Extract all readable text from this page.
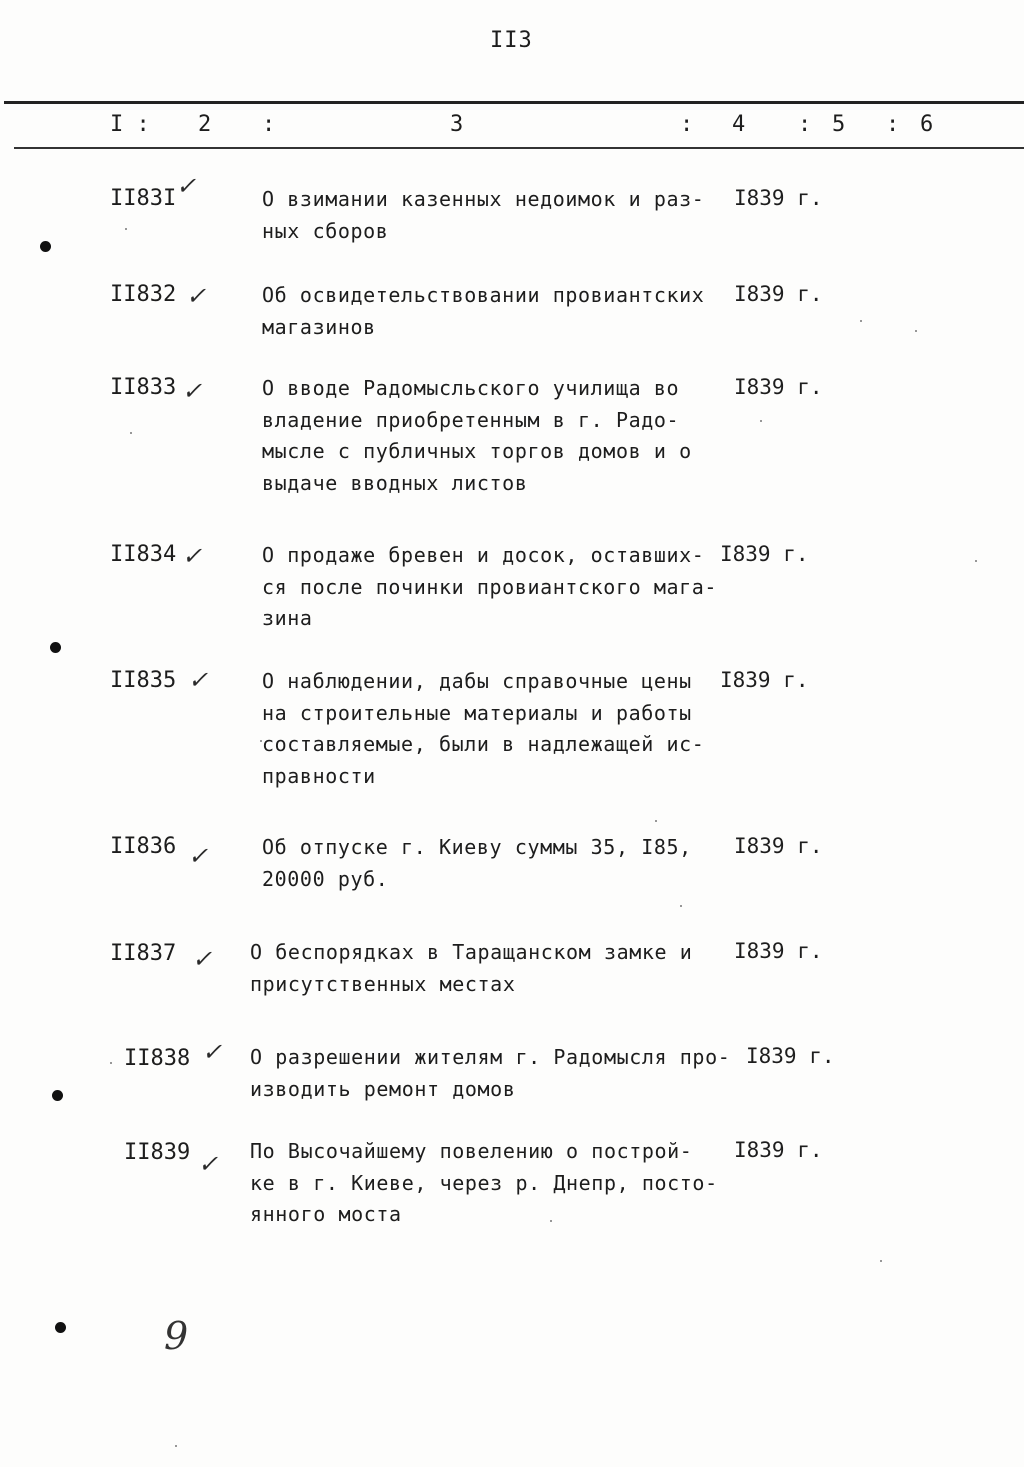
II3
I : 2 :	3	: 4 : 5 : 6
II83I ✓	О взимании казенных недоимок и раз-
ных сборов
I839 г.
II832 ✓	Об освидетельствовании провиантских
магазинов
I839 г.
II833 ✓	О вводе Радомысльского училища во
владение приобретенным в г. Радо-
мысле с публичных торгов домов и о
выдаче вводных листов
I839 г.
II834 ✓	О продаже бревен и досок, оставших-
ся после починки провиантского мага-
зина
I839 г.
II835 ✓	О наблюдении, дабы справочные цены
на строительные материалы и работы
составляемые, были в надлежащей ис-
правности
I839 г.
II836 ✓	Об отпуске г. Киеву суммы 35, I85,
20000 руб.
I839 г.
II837 ✓ О беспорядках в Таращанском замке и
присутственных местах
I839 г.
II838 ✓ О разрешении жителям г. Радомысля про-
изводить ремонт домов
I839 г.
II839 ✓ По Высочайшему повелению о построй-
ке в г. Киеве, через р. Днепр, посто-
янного моста
I839 г.
9
